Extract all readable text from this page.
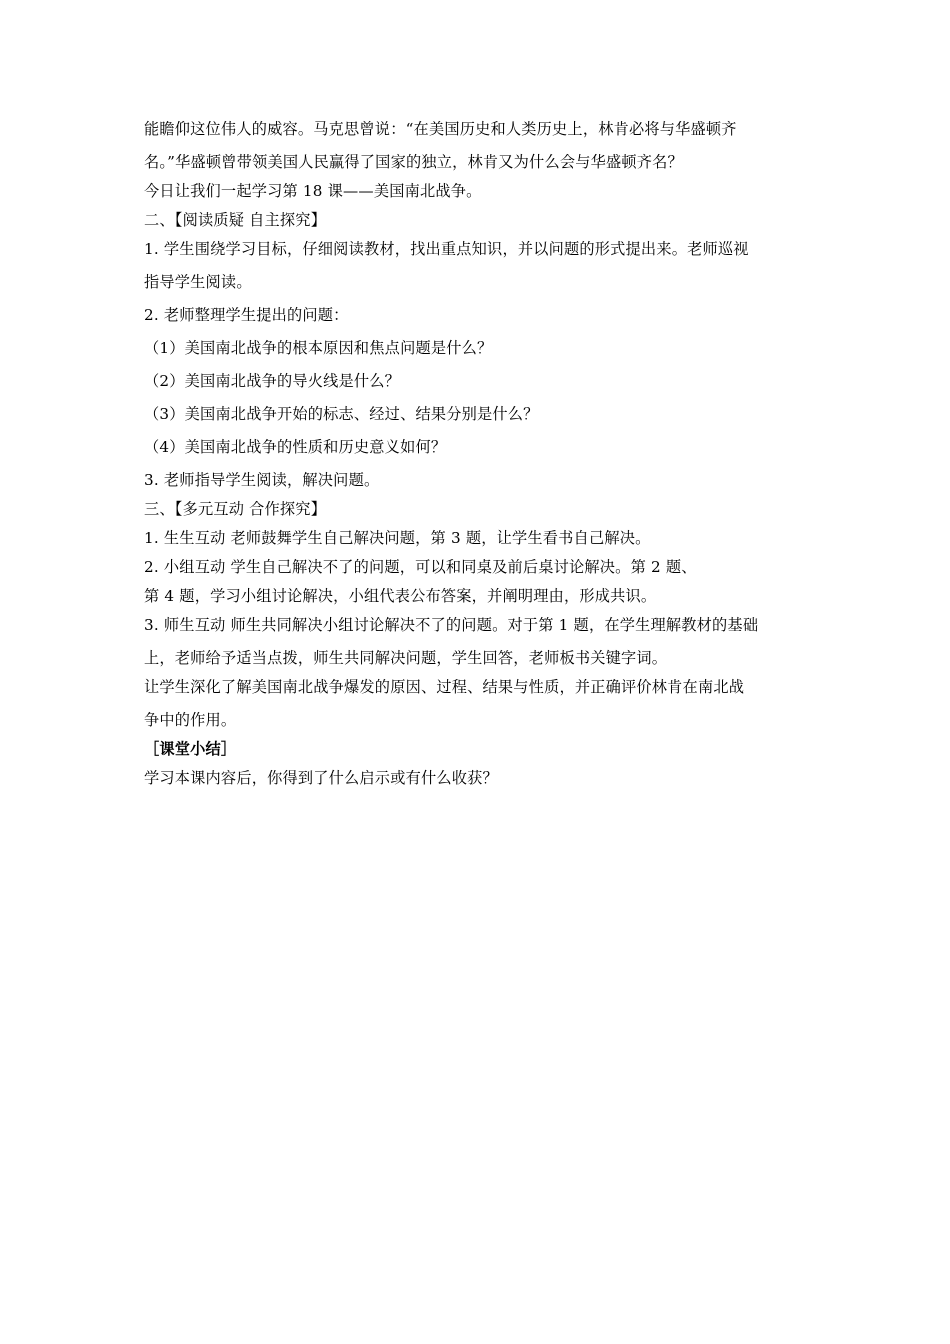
能瞻仰这位伟人的威容。马克思曾说：“在美国历史和人类历史上，林肯必将与华盛顿齐
名。”华盛顿曾带领美国人民赢得了国家的独立，林肯又为什么会与华盛顿齐名？
今日让我们一起学习第 18 课——美国南北战争。
二、【阅读质疑 自主探究】
1. 学生围绕学习目标，仔细阅读教材，找出重点知识，并以问题的形式提出来。老师巡视
指导学生阅读。
2. 老师整理学生提出的问题：
（1）美国南北战争的根本原因和焦点问题是什么？
（2）美国南北战争的导火线是什么？
（3）美国南北战争开始的标志、经过、结果分别是什么？
（4）美国南北战争的性质和历史意义如何？
3. 老师指导学生阅读，解决问题。
三、【多元互动 合作探究】
1. 生生互动 老师鼓舞学生自己解决问题，第 3 题，让学生看书自己解决。
2. 小组互动 学生自己解决不了的问题，可以和同桌及前后桌讨论解决。第 2 题、
第 4 题，学习小组讨论解决，小组代表公布答案，并阐明理由，形成共识。
3. 师生互动 师生共同解决小组讨论解决不了的问题。对于第 1 题，在学生理解教材的基础
上，老师给予适当点拨，师生共同解决问题，学生回答，老师板书关键字词。
让学生深化了解美国南北战争爆发的原因、过程、结果与性质，并正确评价林肯在南北战
争中的作用。
［课堂小结］
学习本课内容后，你得到了什么启示或有什么收获？
